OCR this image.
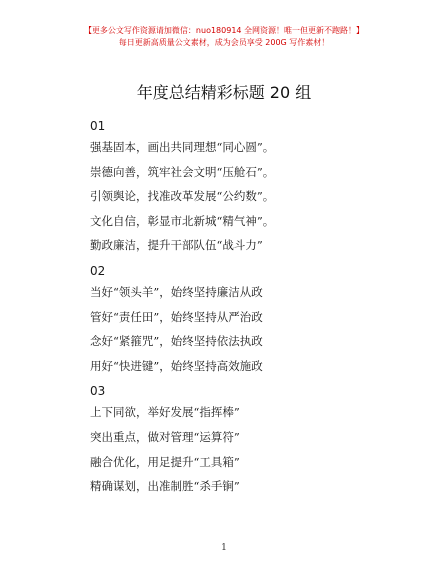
【更多公文写作资源请加微信：nuo180914 全网资源！唯一但更新不跑路！】
每日更新高质量公文素材，成为会员享受 200G 写作素材！
年度总结精彩标题 20 组
01
强基固本，画出共同理想“同心圆”。
崇德向善，筑牢社会文明“压舱石”。
引领舆论，找准改革发展“公约数”。
文化自信，彰显市北新城“精气神”。
勤政廉洁，提升干部队伍“战斗力”
02
当好“领头羊”，始终坚持廉洁从政
管好“责任田”，始终坚持从严治政
念好“紧箍咒”，始终坚持依法执政
用好“快进键”，始终坚持高效施政
03
上下同欲，举好发展“指挥棒”
突出重点，做对管理“运算符”
融合优化，用足提升“工具箱”
精确谋划，出准制胜“杀手锏”
1
